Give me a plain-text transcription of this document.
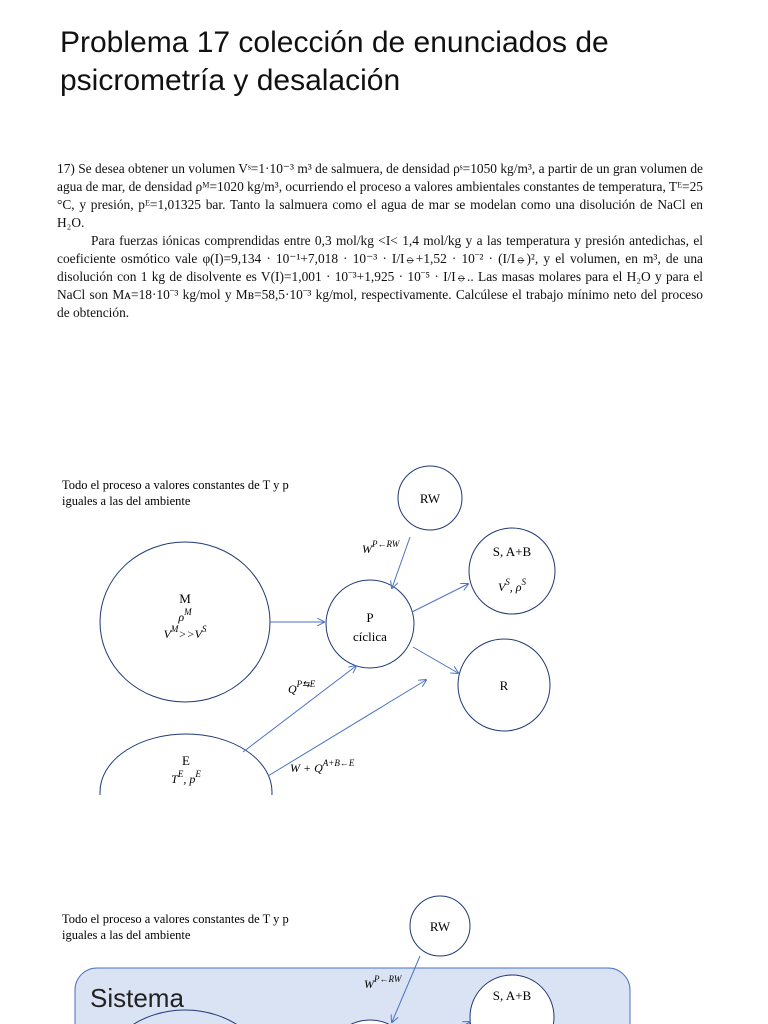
Problema 17 colección de enunciados de psicrometría y desalación

17) Se desea obtener un volumen Vˢ=1·10⁻³ m³ de salmuera, de densidad ρˢ=1050 kg/m³, a partir de un gran volumen de agua de mar, de densidad ρᴹ=1020 kg/m³, ocurriendo el proceso a valores ambientales constantes de temperatura, Tᴱ=25 °C, y presión, pᴱ=1,01325 bar. Tanto la salmuera como el agua de mar se modelan como una disolución de NaCl en H₂O.

Para fuerzas iónicas comprendidas entre 0,3 mol/kg <I< 1,4 mol/kg y a las temperatura y presión antedichas, el coeficiente osmótico vale φ(I)=9,134 · 10⁻¹+7,018 · 10⁻³ · I/I⦵+1,52 · 10⁻² · (I/I⦵)², y el volumen, en m³, de una disolución con 1 kg de disolvente es V(I)=1,001 · 10⁻³+1,925 · 10⁻⁵ · I/I⦵.. Las masas molares para el H₂O y para el NaCl son Mᴀ=18·10⁻³ kg/mol y Mʙ=58,5·10⁻³ kg/mol, respectivamente. Calcúlese el trabajo mínimo neto del proceso de obtención.

Todo el proceso a valores constantes de T y p
iguales a las del ambiente	RW
M
$\rho^M$
$V^M_{>>V}^S$
P
cíclica
S, A+B
$V^S_{, \rho}^S$
R
E
$T^E_{, p}^E$
$W^{P\leftarrow RW}$
$Q^{P⇆E}$
$W + Q^{A+B\leftarrow E}$
RW
S, A+B
$W^{P\leftarrow RW}$
Todo el proceso a valores constantes de T y p
iguales a las del ambiente
Sistema
